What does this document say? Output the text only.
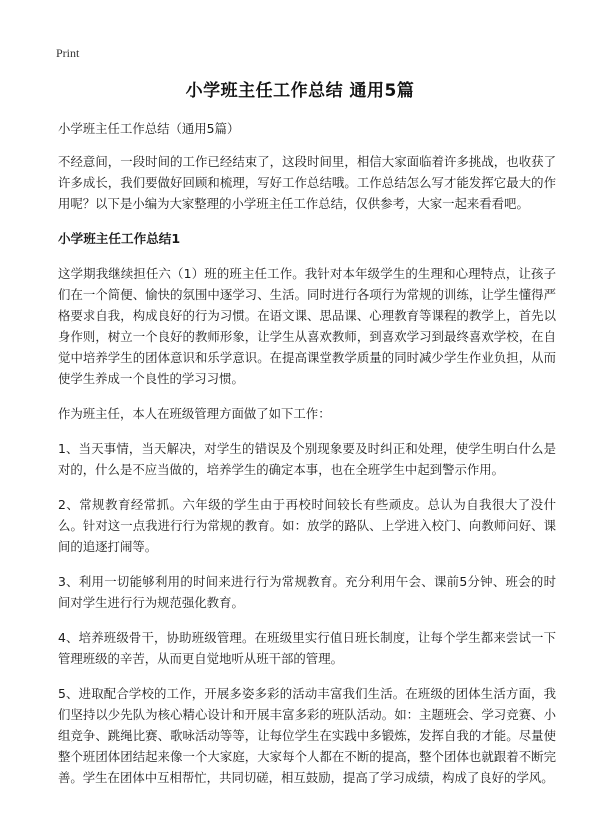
Print
小学班主任工作总结 通用5篇

小学班主任工作总结（通用5篇）

不经意间，一段时间的工作已经结束了，这段时间里，相信大家面临着许多挑战，也收获了许多成长，我们要做好回顾和梳理，写好工作总结哦。工作总结怎么写才能发挥它最大的作用呢？以下是小编为大家整理的小学班主任工作总结，仅供参考，大家一起来看看吧。

小学班主任工作总结1

这学期我继续担任六（1）班的班主任工作。我针对本年级学生的生理和心理特点，让孩子们在一个简便、愉快的氛围中逐学习、生活。同时进行各项行为常规的训练，让学生懂得严格要求自我，构成良好的行为习惯。在语文课、思品课、心理教育等课程的教学上，首先以身作则，树立一个良好的教师形象，让学生从喜欢教师，到喜欢学习到最终喜欢学校，在自觉中培养学生的团体意识和乐学意识。在提高课堂教学质量的同时减少学生作业负担，从而使学生养成一个良性的学习习惯。

作为班主任，本人在班级管理方面做了如下工作：

1、当天事情，当天解决，对学生的错误及个别现象要及时纠正和处理，使学生明白什么是对的，什么是不应当做的，培养学生的确定本事，也在全班学生中起到警示作用。

2、常规教育经常抓。六年级的学生由于再校时间较长有些顽皮。总认为自我很大了没什么。针对这一点我进行行为常规的教育。如：放学的路队、上学进入校门、向教师问好、课间的追逐打闹等。

3、利用一切能够利用的时间来进行行为常规教育。充分利用午会、课前5分钟、班会的时间对学生进行行为规范强化教育。

4、培养班级骨干，协助班级管理。在班级里实行值日班长制度，让每个学生都来尝试一下管理班级的辛苦，从而更自觉地听从班干部的管理。

5、进取配合学校的工作，开展多姿多彩的活动丰富我们生活。在班级的团体生活方面，我们坚持以少先队为核心精心设计和开展丰富多彩的班队活动。如：主题班会、学习竞赛、小组竞争、跳绳比赛、歌咏活动等等，让每位学生在实践中多锻炼，发挥自我的才能。尽量使整个班团体团结起来像一个大家庭，大家每个人都在不断的提高，整个团体也就跟着不断完善。学生在团体中互相帮忙，共同切磋，相互鼓励，提高了学习成绩，构成了良好的学风。
